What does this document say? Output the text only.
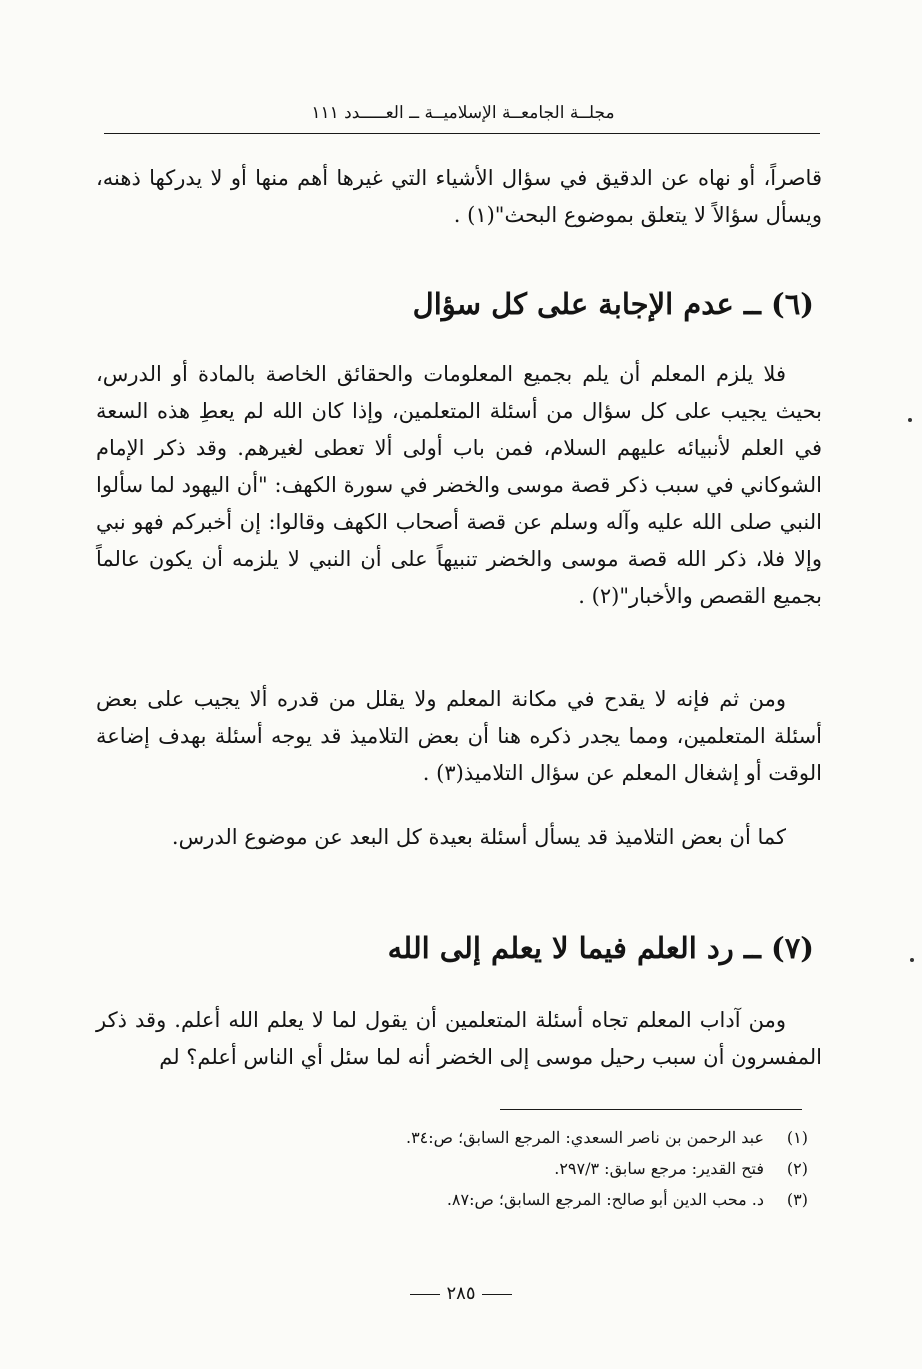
مجلــة الجامعــة الإسلاميــة ــ العـــــدد ١١١

قاصراً، أو نهاه عن الدقيق في سؤال الأشياء التي غيرها أهم منها أو لا يدركها ذهنه، ويسأل سؤالاً لا يتعلق بموضوع البحث"(١) .

(٦) ــ عدم الإجابة على كل سؤال

فلا يلزم المعلم أن يلم بجميع المعلومات والحقائق الخاصة بالمادة أو الدرس، بحيث يجيب على كل سؤال من أسئلة المتعلمين، وإذا كان الله لم يعطِ هذه السعة في العلم لأنبيائه عليهم السلام، فمن باب أولى ألا تعطى لغيرهم. وقد ذكر الإمام الشوكاني في سبب ذكر قصة موسى والخضر في سورة الكهف: "أن اليهود لما سألوا النبي صلى الله عليه وآله وسلم عن قصة أصحاب الكهف وقالوا: إن أخبركم فهو نبي وإلا فلا، ذكر الله قصة موسى والخضر تنبيهاً على أن النبي لا يلزمه أن يكون عالماً بجميع القصص والأخبار"(٢) .

ومن ثم فإنه لا يقدح في مكانة المعلم ولا يقلل من قدره ألا يجيب على بعض أسئلة المتعلمين، ومما يجدر ذكره هنا أن بعض التلاميذ قد يوجه أسئلة بهدف إضاعة الوقت أو إشغال المعلم عن سؤال التلاميذ(٣) .

كما أن بعض التلاميذ قد يسأل أسئلة بعيدة كل البعد عن موضوع الدرس.

(٧) ــ رد العلم فيما لا يعلم إلى الله

ومن آداب المعلم تجاه أسئلة المتعلمين أن يقول لما لا يعلم الله أعلم. وقد ذكر المفسرون أن سبب رحيل موسى إلى الخضر أنه لما سئل أي الناس أعلم؟ لم

(١)
عبد الرحمن بن ناصر السعدي: المرجع السابق؛ ص:٣٤.
(٢)
فتح القدير: مرجع سابق: ٢٩٧/٣.
(٣)
د. محب الدين أبو صالح: المرجع السابق؛ ص:٨٧.
٢٨٥
